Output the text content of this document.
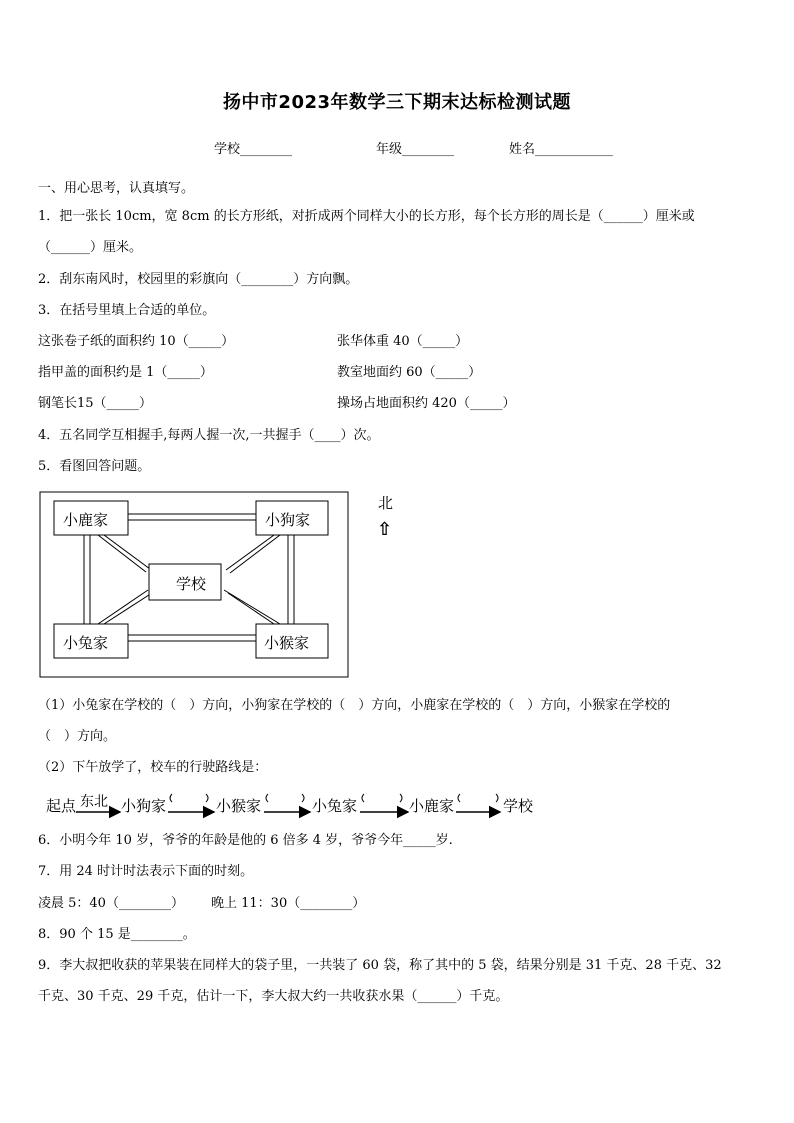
扬中市2023年数学三下期末达标检测试题
学校________	年级________	姓名____________
一、用心思考，认真填写。
1．把一张长 10cm，宽 8cm 的长方形纸，对折成两个同样大小的长方形，每个长方形的周长是（______）厘米或
（______）厘米。
2．刮东南风时，校园里的彩旗向（________）方向飘。
3．在括号里填上合适的单位。
这张卷子纸的面积约 10（_____）	张华体重 40（_____）
指甲盖的面积约是 1（_____）	教室地面约 60（_____）
钢笔长15（_____）	操场占地面积约 420（_____）
4．五名同学互相握手,每两人握一次,一共握手（____）次。
5．看图回答问题。
小鹿家	小狗家
学校
小兔家	小猴家
北
⇧
（1）小兔家在学校的（　）方向，小狗家在学校的（　）方向，小鹿家在学校的（　）方向，小猴家在学校的
（　）方向。
（2）下午放学了，校车的行驶路线是：
起点 东北 小狗家	小猴家	小兔家	小鹿家	学校
6．小明今年 10 岁，爷爷的年龄是他的 6 倍多 4 岁，爷爷今年_____岁.
7．用 24 时计时法表示下面的时刻。
凌晨 5：40（________） 晚上 11：30（________）
8．90 个 15 是________。
9．李大叔把收获的苹果装在同样大的袋子里，一共装了 60 袋，称了其中的 5 袋，结果分别是 31 千克、28 千克、32
千克、30 千克、29 千克，估计一下，李大叔大约一共收获水果（______）千克。
